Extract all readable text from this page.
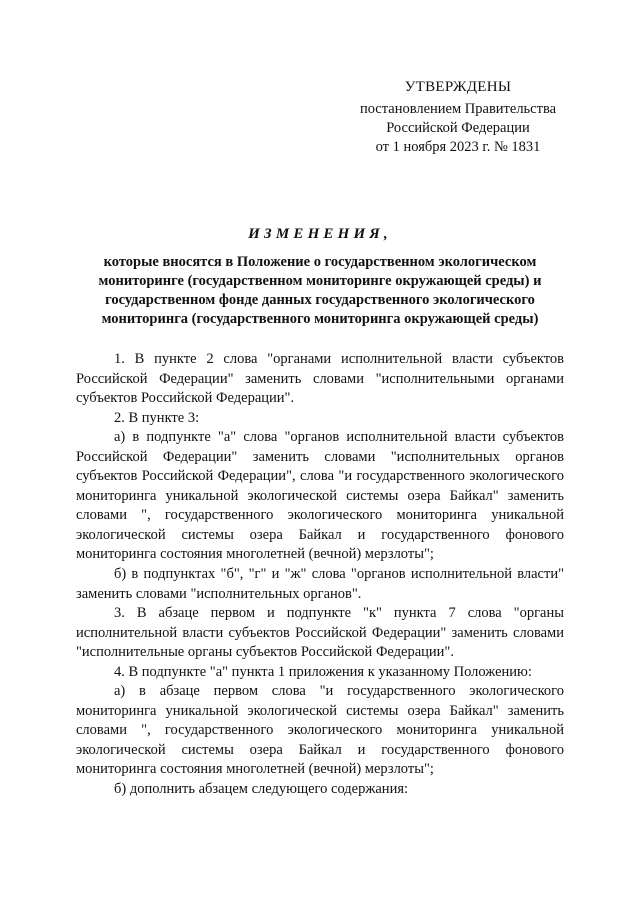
УТВЕРЖДЕНЫ
постановлением Правительства
Российской Федерации
от 1 ноября 2023 г. № 1831
ИЗМЕНЕНИЯ,
которые вносятся в Положение о государственном экологическом мониторинге (государственном мониторинге окружающей среды) и государственном фонде данных государственного экологического мониторинга (государственного мониторинга окружающей среды)

1. В пункте 2 слова "органами исполнительной власти субъектов Российской Федерации" заменить словами "исполнительными органами субъектов Российской Федерации".

2. В пункте 3:

а) в подпункте "а" слова "органов исполнительной власти субъектов Российской Федерации" заменить словами "исполнительных органов субъектов Российской Федерации", слова "и государственного экологического мониторинга уникальной экологической системы озера Байкал" заменить словами ", государственного экологического мониторинга уникальной экологической системы озера Байкал и государственного фонового мониторинга состояния многолетней (вечной) мерзлоты";

б) в подпунктах "б", "г" и "ж" слова "органов исполнительной власти" заменить словами "исполнительных органов".

3. В абзаце первом и подпункте "к" пункта 7 слова "органы исполнительной власти субъектов Российской Федерации" заменить словами "исполнительные органы субъектов Российской Федерации".

4. В подпункте "а" пункта 1 приложения к указанному Положению:

а) в абзаце первом слова "и государственного экологического мониторинга уникальной экологической системы озера Байкал" заменить словами ", государственного экологического мониторинга уникальной экологической системы озера Байкал и государственного фонового мониторинга состояния многолетней (вечной) мерзлоты";

б) дополнить абзацем следующего содержания:
